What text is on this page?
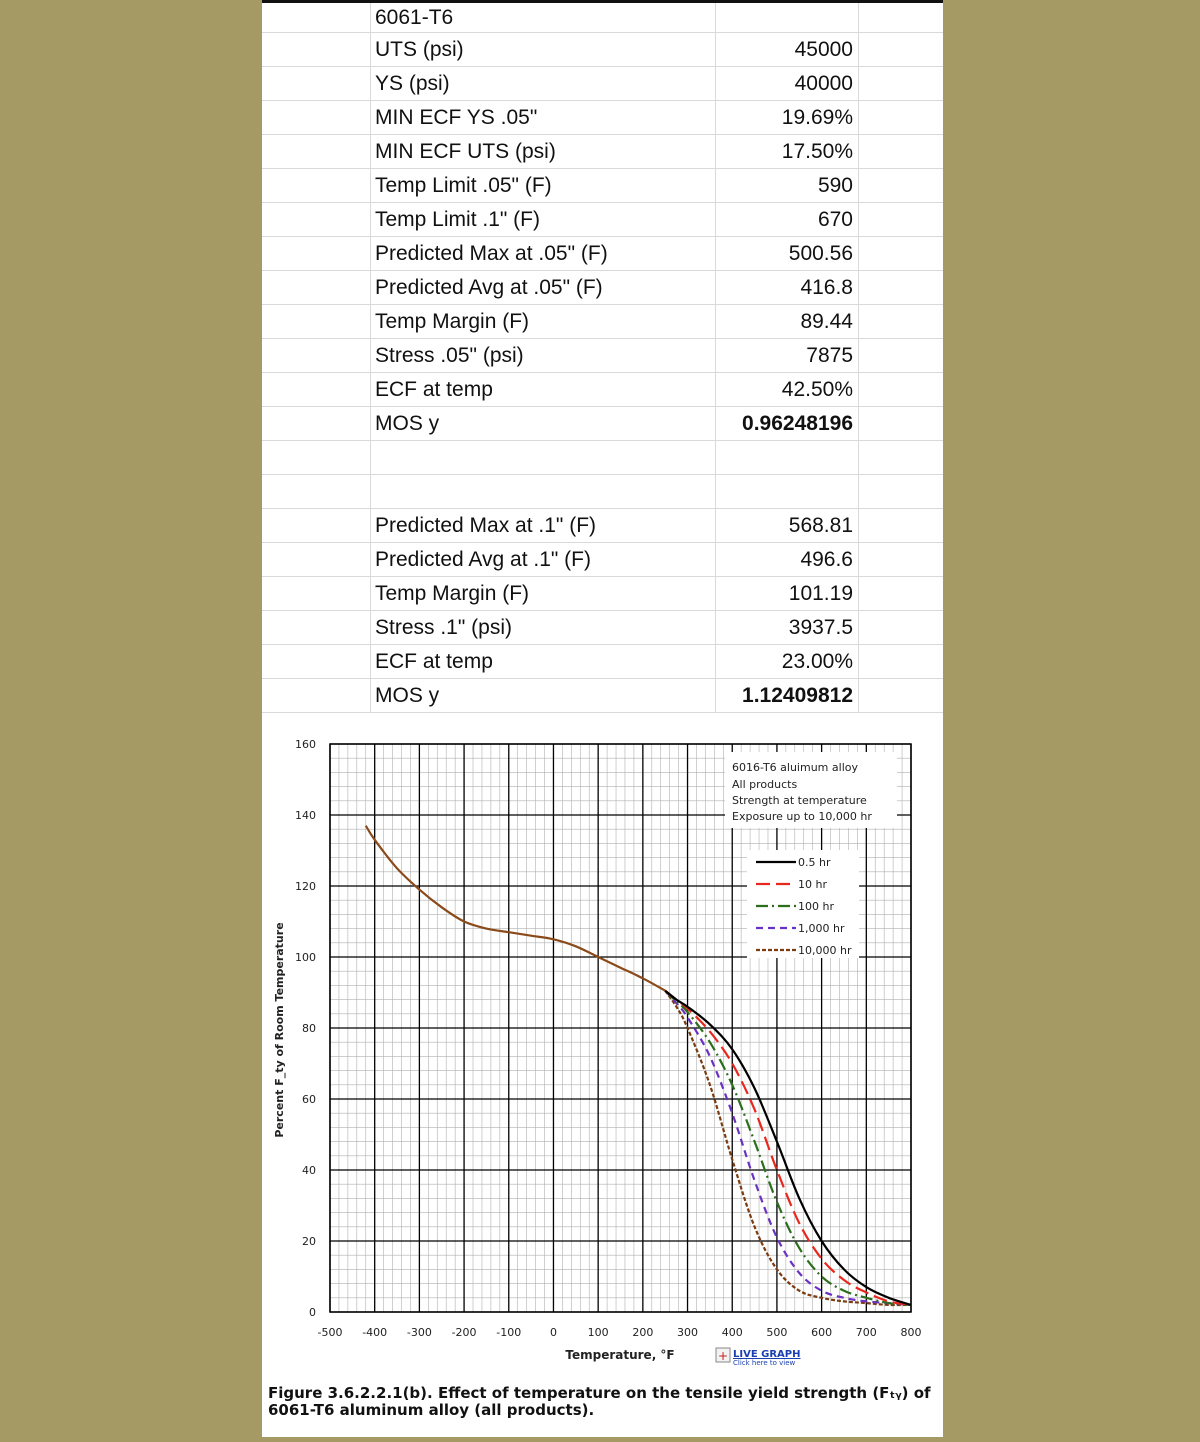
6061-T6
UTS (psi)	45000
YS (psi)	40000
MIN ECF YS .05"	19.69%
MIN ECF UTS (psi)	17.50%
Temp Limit .05" (F)	590
Temp Limit .1" (F)	670
Predicted Max at .05" (F)	500.56
Predicted Avg at .05" (F)	416.8
Temp Margin (F)	89.44
Stress .05" (psi)	7875
ECF at temp	42.50%
MOS y	0.96248196
Predicted Max at .1" (F)	568.81
Predicted Avg at .1" (F)	496.6
Temp Margin (F)	101.19
Stress .1" (psi)	3937.5
ECF at temp	23.00%
MOS y	1.12409812
0
20
40
60
80
100
120
140
160
-500 -400 -300 -200 -100	0	100 200 300 400 500 600 700 800
Percent F_ty of Room Temperature
Temperature, °F
6016-T6 aluimum alloy
All products
Strength at temperature
Exposure up to 10,000 hr
0.5 hr
10 hr
100 hr
1,000 hr
10,000 hr
+ LIVE GRAPH
Click here to view
Figure 3.6.2.2.1(b). Effect of temperature on the tensile yield strength (Fₜᵧ) of
6061-T6 aluminum alloy (all products).
